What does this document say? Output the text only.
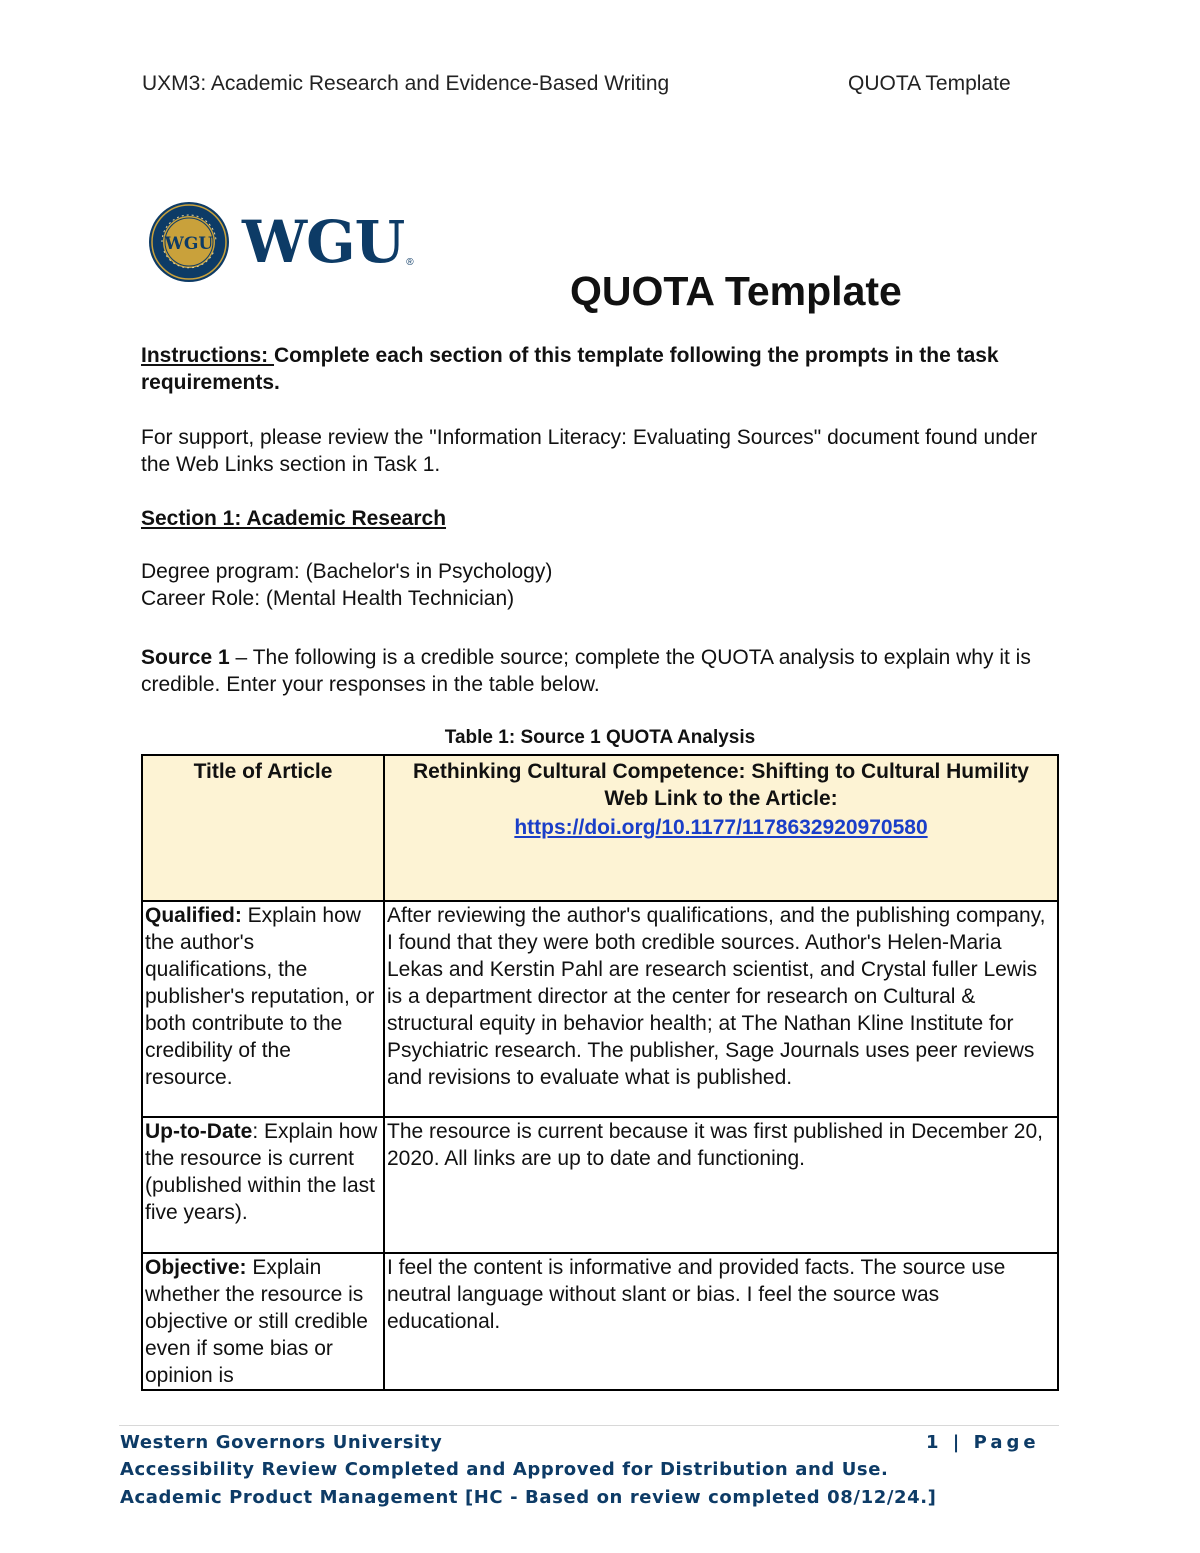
UXM3: Academic Research and Evidence-Based Writing	QUOTA Template
WGU WGU ®
QUOTA Template
Instructions: Complete each section of this template following the prompts in the task requirements.
For support, please review the "Information Literacy: Evaluating Sources" document found under the Web Links section in Task 1.
Section 1: Academic Research
Degree program: (Bachelor's in Psychology)
Career Role: (Mental Health Technician)
Source 1 – The following is a credible source; complete the QUOTA analysis to explain why it is credible. Enter your responses in the table below.
Table 1: Source 1 QUOTA Analysis
Title of Article	Rethinking Cultural Competence: Shifting to Cultural Humility
Web Link to the Article:
https://doi.org/10.1177/1178632920970580

Qualified: Explain how the author's qualifications, the publisher's reputation, or both contribute to the credibility of the resource.	After reviewing the author's qualifications, and the publishing company, I found that they were both credible sources. Author's Helen-Maria Lekas and Kerstin Pahl are research scientist, and Crystal fuller Lewis is a department director at the center for research on Cultural & structural equity in behavior health; at The Nathan Kline Institute for Psychiatric research. The publisher, Sage Journals uses peer reviews and revisions to evaluate what is published.
Up-to-Date: Explain how the resource is current (published within the last five years).	The resource is current because it was first published in December 20, 2020. All links are up to date and functioning.
Objective: Explain whether the resource is objective or still credible even if some bias or opinion is	I feel the content is informative and provided facts. The source use neutral language without slant or bias. I feel the source was educational.
Western Governors University	1 | Page
Accessibility Review Completed and Approved for Distribution and Use.
Academic Product Management [HC - Based on review completed 08/12/24.]
